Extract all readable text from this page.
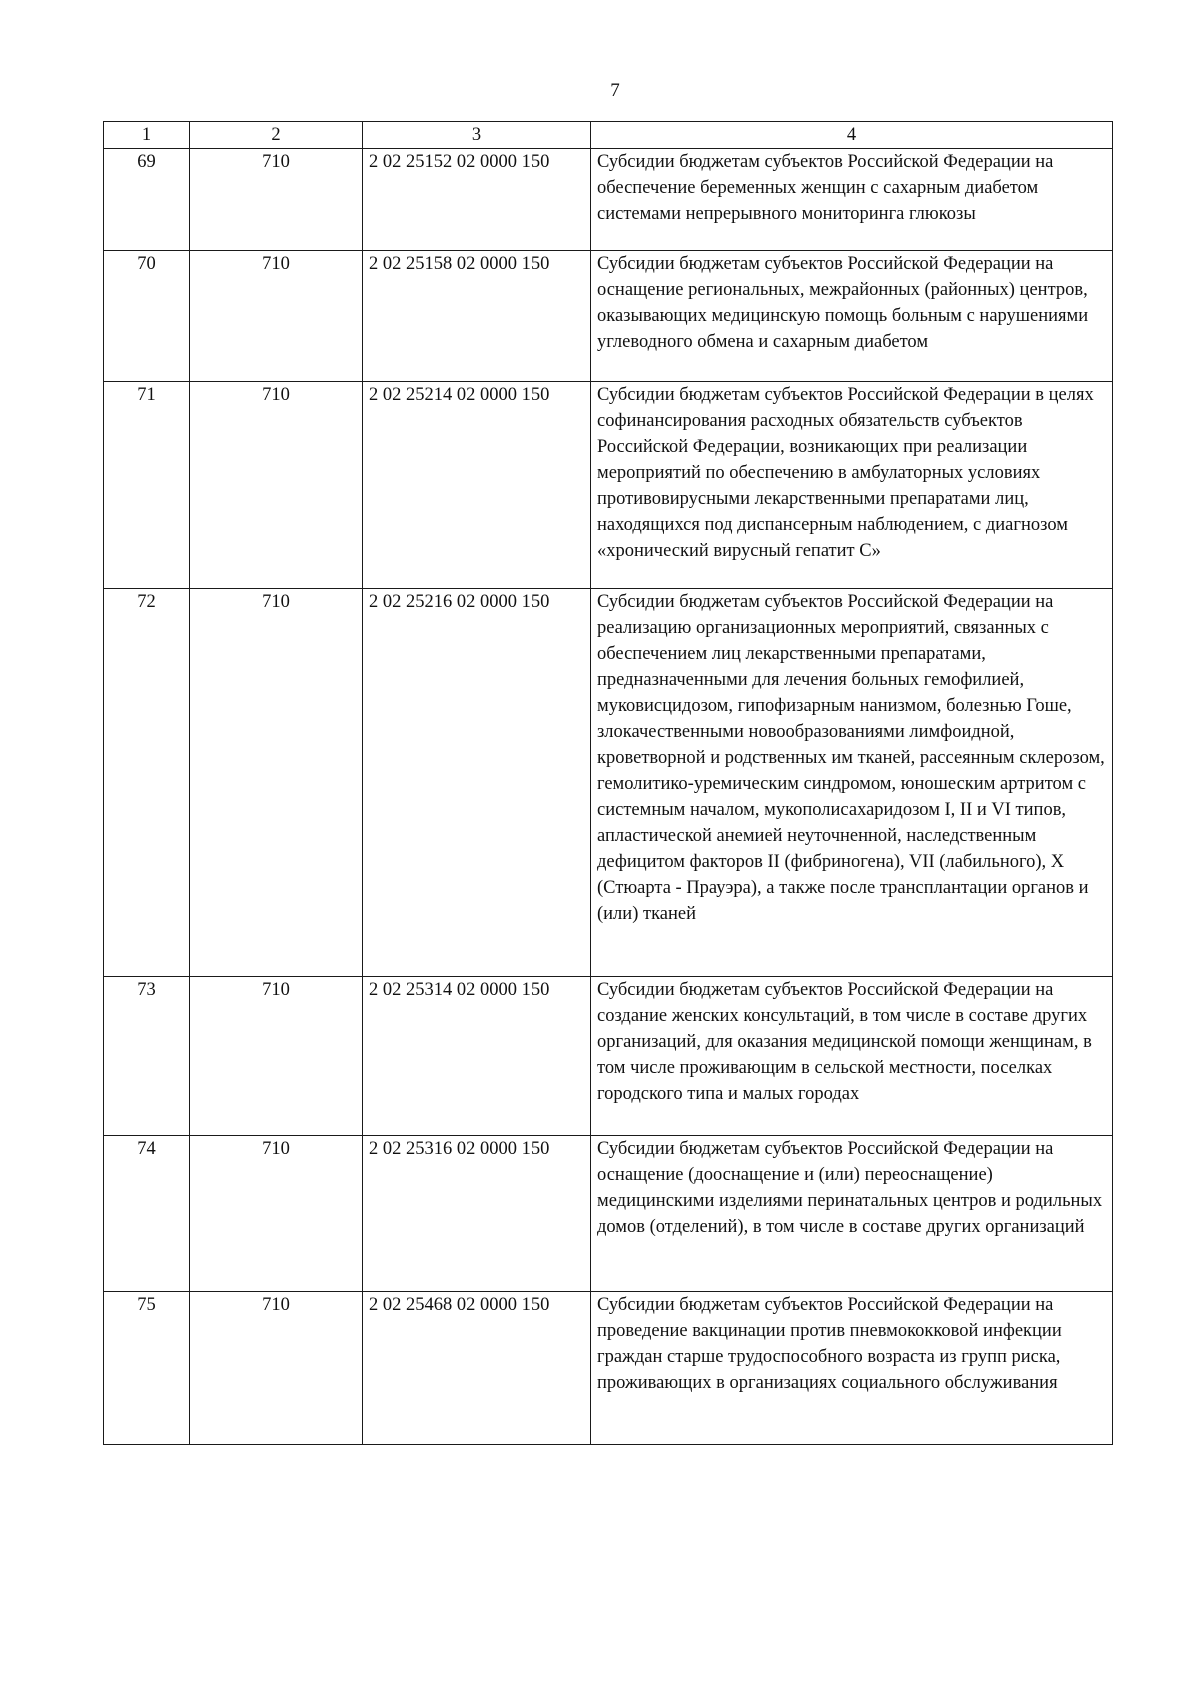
7
1	2	3	4
69	710	2 02 25152 02 0000 150	Субсидии бюджетам субъектов Российской Федерации на обеспечение беременных женщин с сахарным диабетом системами непрерывного мониторинга глюкозы
70	710	2 02 25158 02 0000 150	Субсидии бюджетам субъектов Российской Федерации на оснащение региональных, межрайонных (районных) центров, оказывающих медицинскую помощь больным с нарушениями углеводного обмена и сахарным диабетом
71	710	2 02 25214 02 0000 150	Субсидии бюджетам субъектов Российской Федерации в целях софинансирования расходных обязательств субъектов Российской Федерации, возникающих при реализации мероприятий по обеспечению в амбулаторных условиях противовирусными лекарственными препаратами лиц, находящихся под диспансерным наблюдением, с диагнозом «хронический вирусный гепатит С»
72	710	2 02 25216 02 0000 150	Субсидии бюджетам субъектов Российской Федерации на реализацию организационных мероприятий, связанных с обеспечением лиц лекарственными препаратами, предназначенными для лечения больных гемофилией, муковисцидозом, гипофизарным нанизмом, болезнью Гоше, злокачественными новообразованиями лимфоидной, кроветворной и родственных им тканей, рассеянным склерозом, гемолитико-уремическим синдромом, юношеским артритом с системным началом, мукополисахаридозом I, II и VI типов, апластической анемией неуточненной, наследственным дефицитом факторов II (фибриногена), VII (лабильного), X (Стюарта - Прауэра), а также после трансплантации органов и (или) тканей
73	710	2 02 25314 02 0000 150	Субсидии бюджетам субъектов Российской Федерации на создание женских консультаций, в том числе в составе других организаций, для оказания медицинской помощи женщинам, в том числе проживающим в сельской местности, поселках городского типа и малых городах
74	710	2 02 25316 02 0000 150	Субсидии бюджетам субъектов Российской Федерации на оснащение (дооснащение и (или) переоснащение) медицинскими изделиями перинатальных центров и родильных домов (отделений), в том числе в составе других организаций
75	710	2 02 25468 02 0000 150	Субсидии бюджетам субъектов Российской Федерации на проведение вакцинации против пневмококковой инфекции граждан старше трудоспособного возраста из групп риска, проживающих в организациях социального обслуживания
